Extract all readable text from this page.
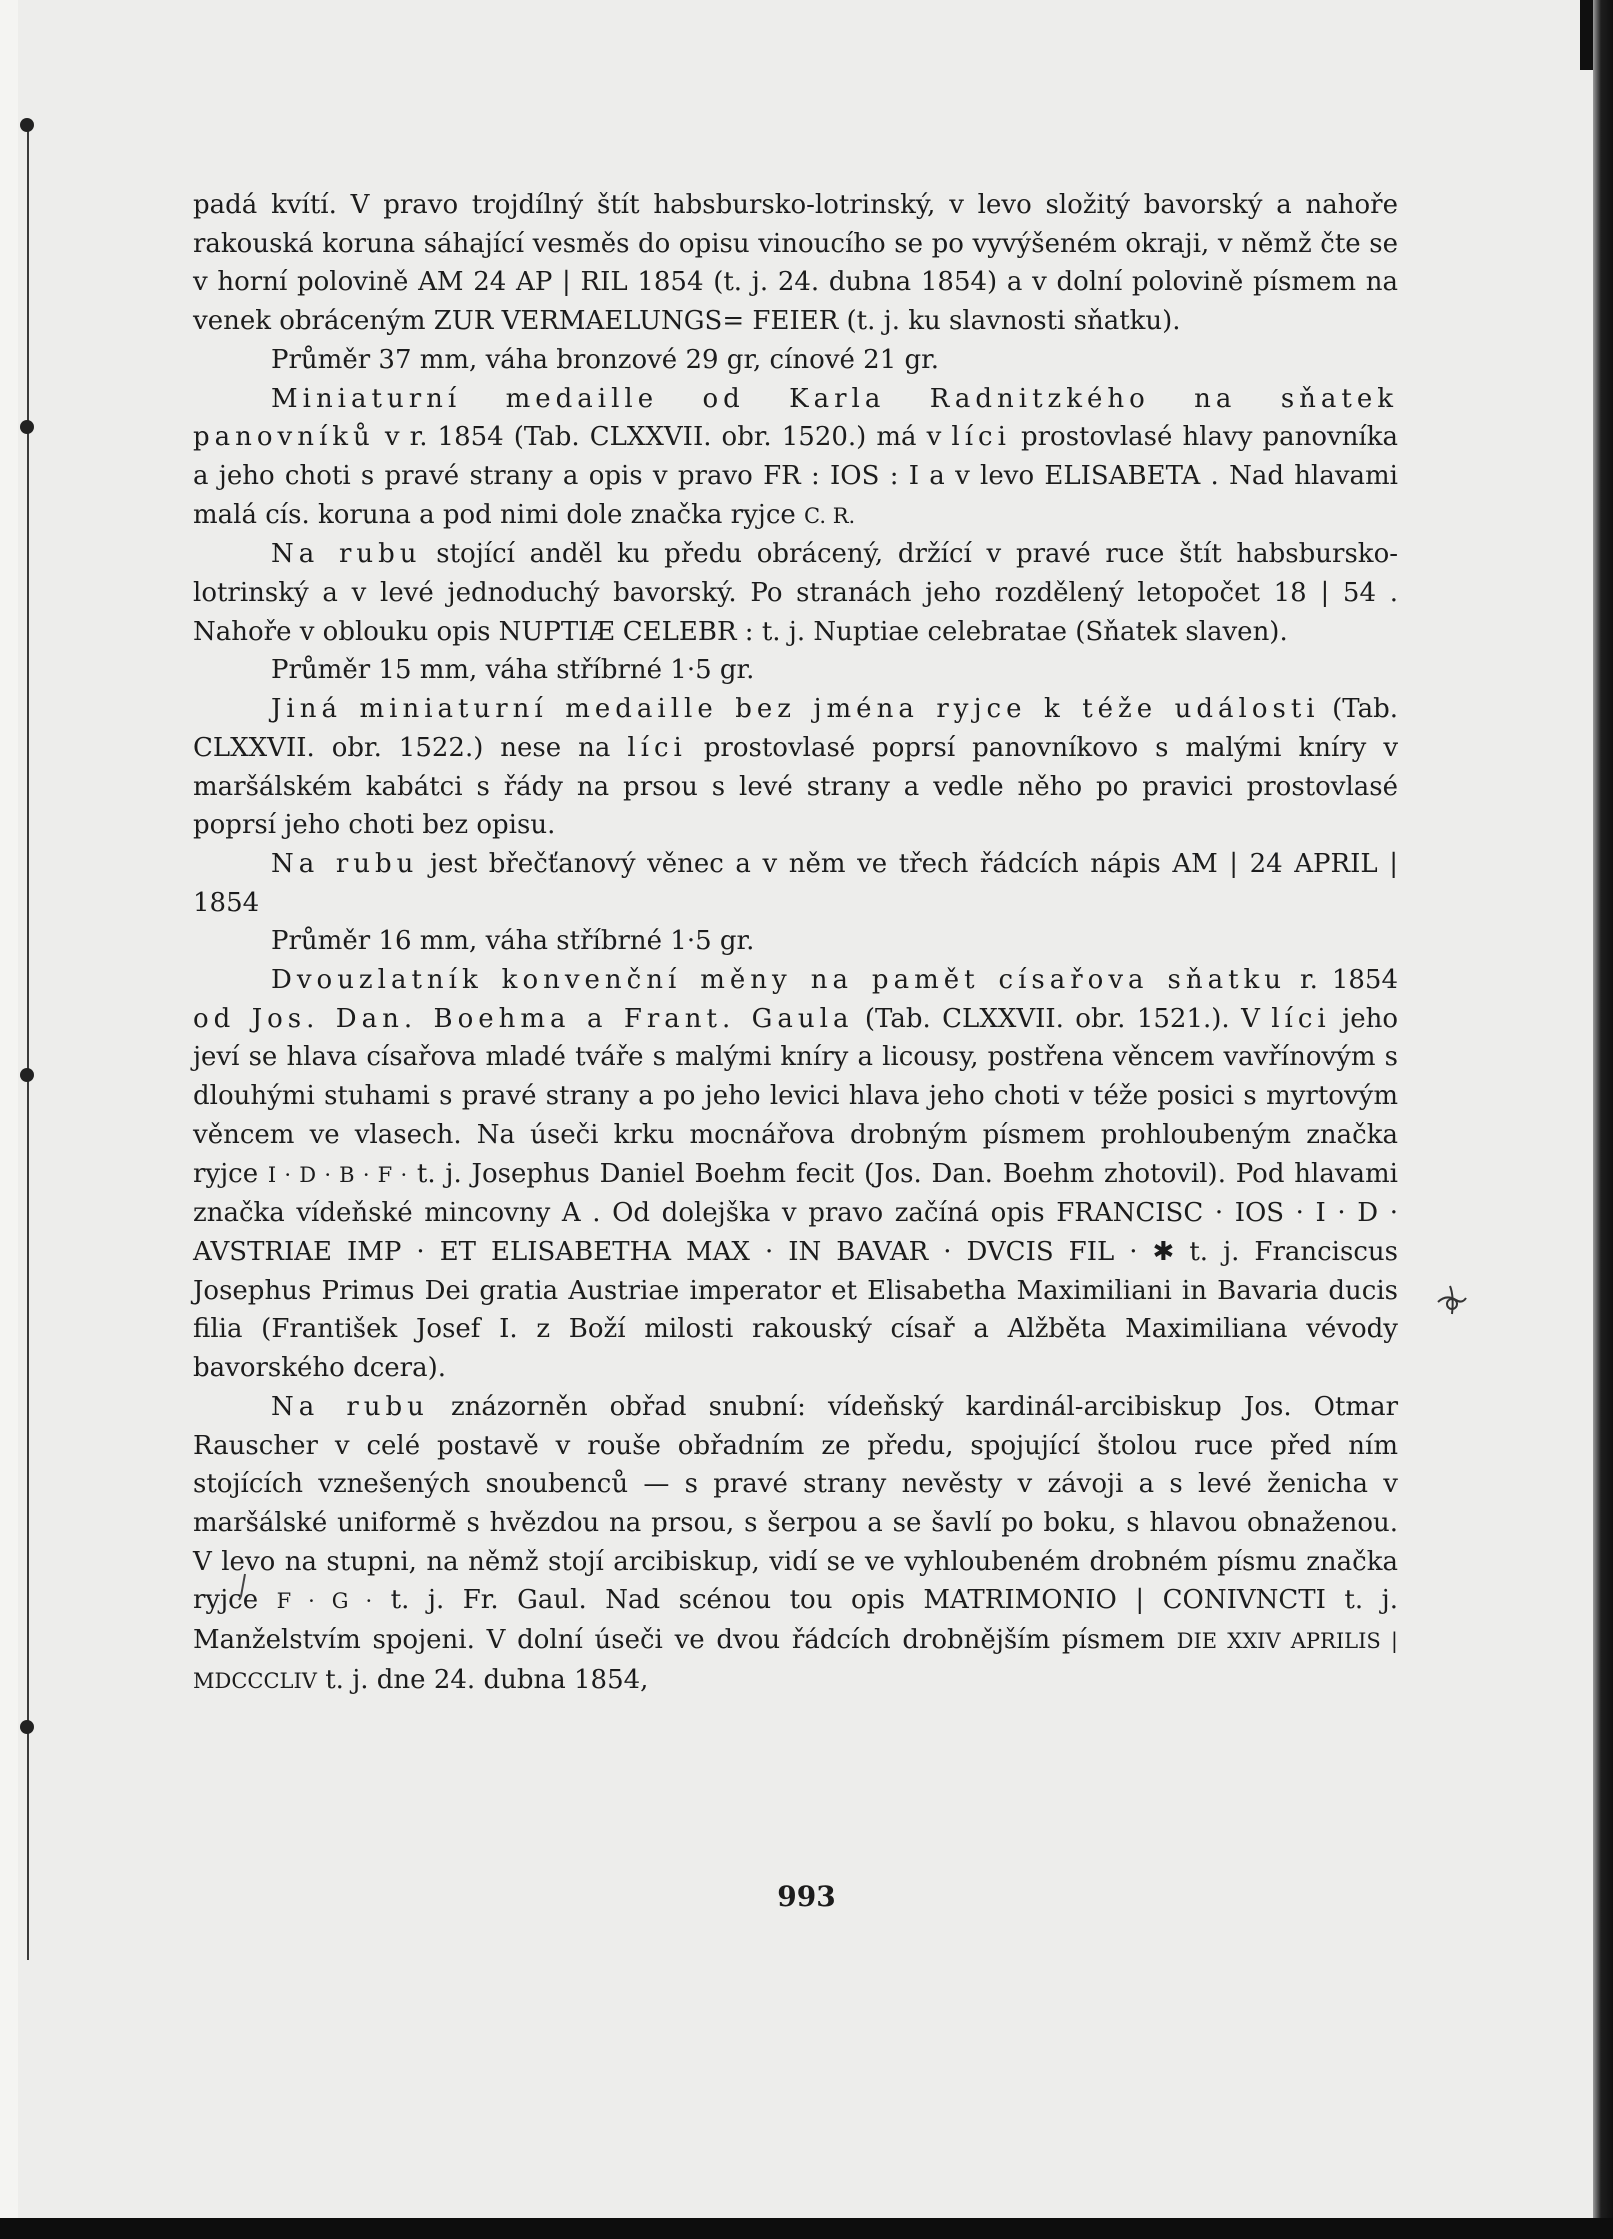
padá kvítí. V pravo trojdílný štít habsbursko-lotrinský, v levo složitý bavorský a nahoře rakouská koruna sáhající vesměs do opisu vinoucího se po vyvýšeném okraji, v němž čte se v horní polovině AM 24 AP | RIL 1854 (t. j. 24. dubna 1854) a v dolní polovině písmem na venek obráceným ZUR VERMAELUNGS= FEIER (t. j. ku slavnosti sňatku).

Průměr 37 mm, váha bronzové 29 gr, cínové 21 gr.

Miniaturní medaille od Karla Radnitzkého na sňatek panovníků v r. 1854 (Tab. CLXXVII. obr. 1520.) má v líci prostovlasé hlavy panovníka a jeho choti s pravé strany a opis v pravo FR : IOS : I a v levo ELISABETA . Nad hlavami malá cís. koruna a pod nimi dole značka ryjce C. R.

Na rubu stojící anděl ku předu obrácený, držící v pravé ruce štít habsbursko-lotrinský a v levé jednoduchý bavorský. Po stranách jeho rozdělený letopočet 18 | 54 . Nahoře v oblouku opis NUPTIÆ CELEBR : t. j. Nuptiae celebratae (Sňatek slaven).

Průměr 15 mm, váha stříbrné 1·5 gr.

Jiná miniaturní medaille bez jména ryjce k téže události (Tab. CLXXVII. obr. 1522.) nese na líci prostovlasé poprsí panovníkovo s malými kníry v maršálském kabátci s řády na prsou s levé strany a vedle něho po pravici prostovlasé poprsí jeho choti bez opisu.

Na rubu jest břečťanový věnec a v něm ve třech řádcích nápis AM | 24 APRIL | 1854

Průměr 16 mm, váha stříbrné 1·5 gr.

Dvouzlatník konvenční měny na pamět císařova sňatku r. 1854 od Jos. Dan. Boehma a Frant. Gaula (Tab. CLXXVII. obr. 1521.). V líci jeho jeví se hlava císařova mladé tváře s malými kníry a licousy, postřena věncem vavřínovým s dlouhými stuhami s pravé strany a po jeho levici hlava jeho choti v téže posici s myrtovým věncem ve vlasech. Na úseči krku mocnářova drobným písmem prohloubeným značka ryjce I · D · B · F · t. j. Josephus Daniel Boehm fecit (Jos. Dan. Boehm zhotovil). Pod hlavami značka vídeňské mincovny A . Od dolejška v pravo začíná opis FRANCISC · IOS · I · D · AVSTRIAE IMP · ET ELISABETHA MAX · IN BAVAR · DVCIS FIL · ✱ t. j. Franciscus Josephus Primus Dei gratia Austriae imperator et Elisabetha Maximiliani in Bavaria ducis filia (František Josef I. z Boží milosti rakouský císař a Alžběta Maximiliana vévody bavorského dcera).

Na rubu znázorněn obřad snubní: vídeňský kardinál-arcibiskup Jos. Otmar Rauscher v celé postavě v rouše obřadním ze předu, spojující štolou ruce před ním stojících vznešených snoubenců — s pravé strany nevěsty v závoji a s levé ženicha v maršálské uniformě s hvězdou na prsou, s šerpou a se šavlí po boku, s hlavou obnaženou. V levo na stupni, na němž stojí arcibiskup, vidí se ve vyhloubeném drobném písmu značka ryjce F · G · t. j. Fr. Gaul. Nad scénou tou opis MATRIMONIO | CONIVNCTI t. j. Manželstvím spojeni. V dolní úseči ve dvou řádcích drobnějším písmem DIE XXIV APRILIS | MDCCCLIV t. j. dne 24. dubna 1854,

993
